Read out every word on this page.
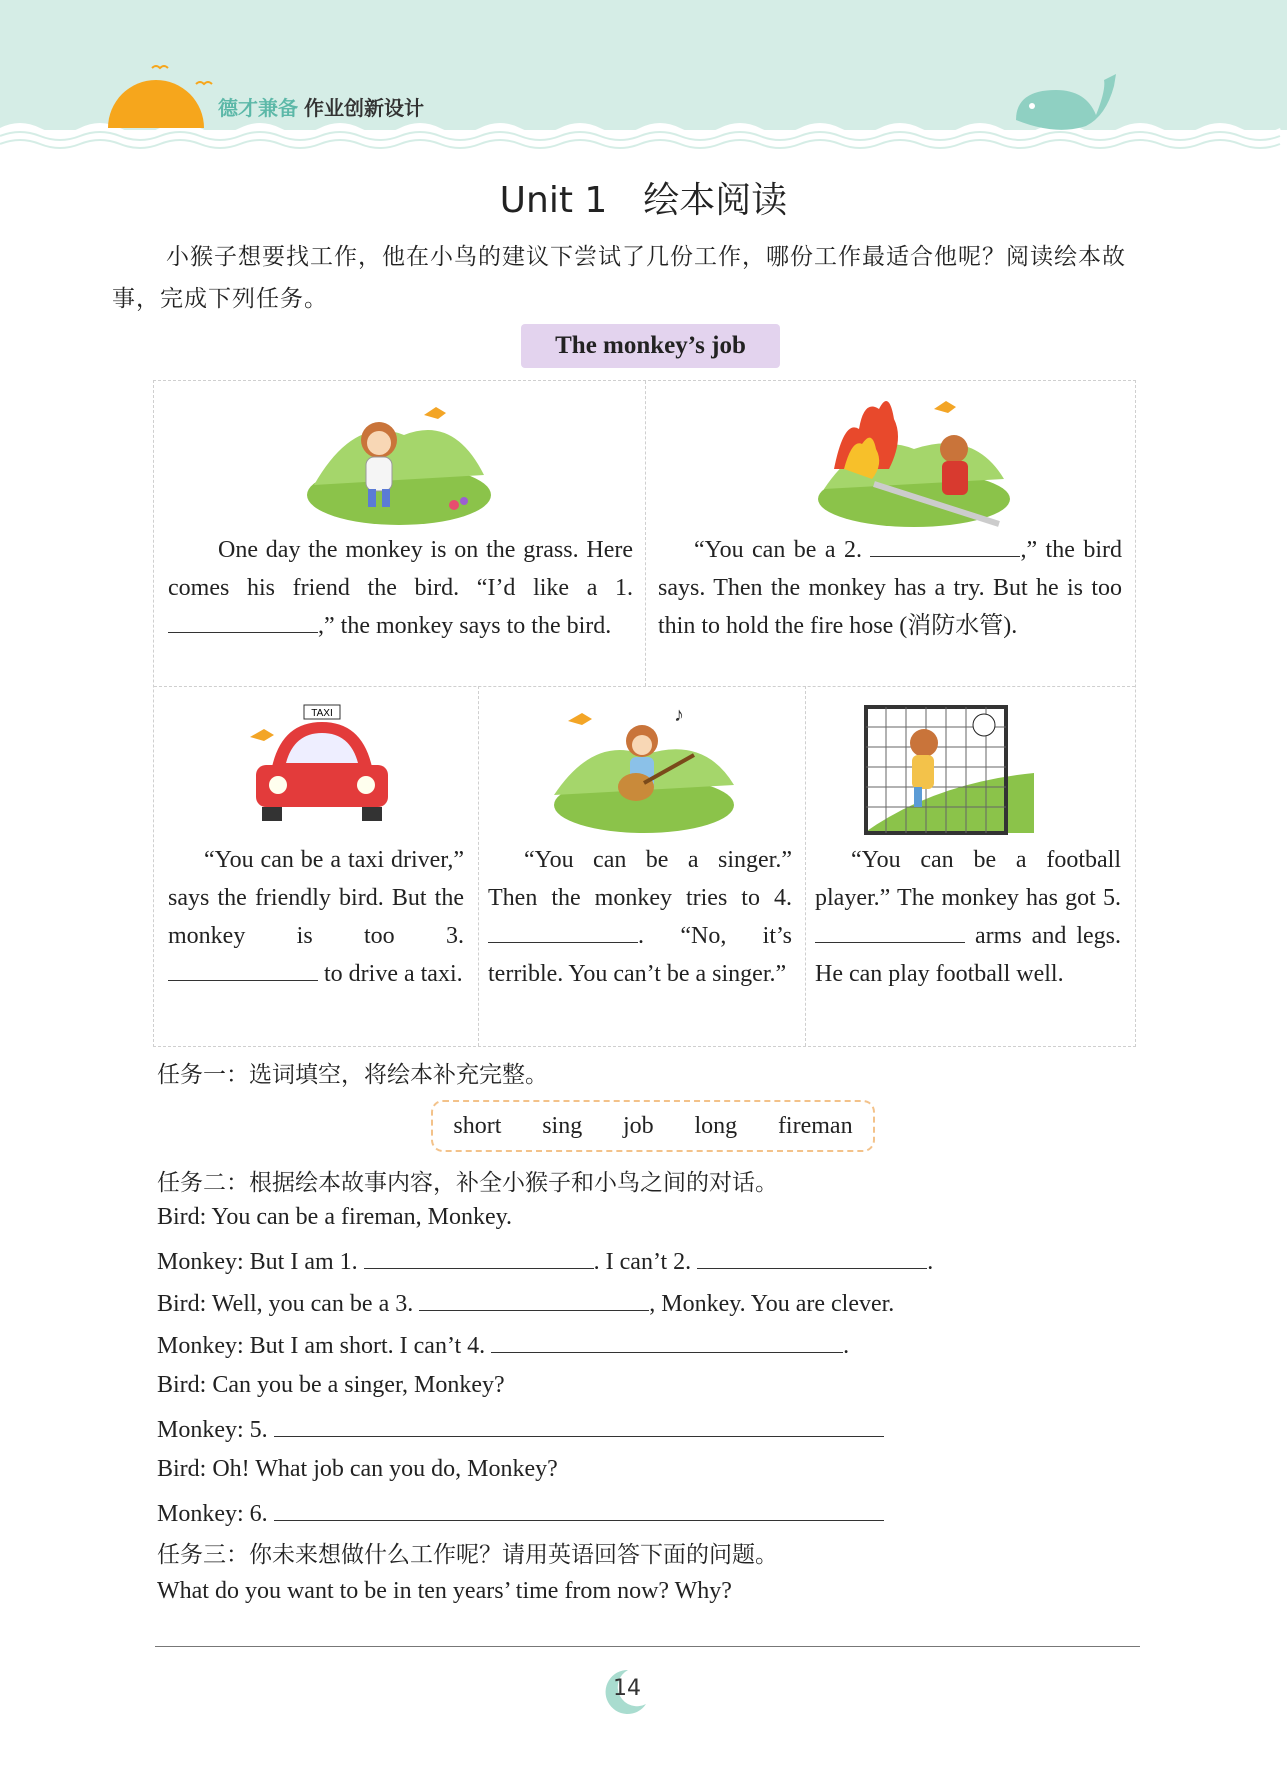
德才兼备 作业创新设计
Unit 1 绘本阅读
小猴子想要找工作，他在小鸟的建议下尝试了几份工作，哪份工作最适合他呢？阅读绘本故事，完成下列任务。
The monkey’s job
One day the monkey is on the grass. Here comes his friend the bird. “I’d like a 1. ,” the monkey says to the bird.
“You can be a 2.	,” the bird says. Then the monkey has a try. But he is too thin to hold the fire hose (消防水管).
TAXI	♪
“You can be a taxi driver,” says the friendly bird. But the monkey is too 3.  to drive a taxi.
“You can be a singer.” Then the monkey tries to 4. . “No, it’s terrible. You can’t be a singer.”
“You can be a football player.” The monkey has got 5.  arms and legs. He can play football well.
任务一：选词填空，将绘本补充完整。
short sing job long fireman
任务二：根据绘本故事内容，补全小猴子和小鸟之间的对话。
Bird: You can be a fireman, Monkey.
Monkey: But I am 1.	. I can’t 2.	.
Bird: Well, you can be a 3.	, Monkey. You are clever.
Monkey: But I am short. I can’t 4.	.
Bird: Can you be a singer, Monkey?
Monkey: 5.
Bird: Oh! What job can you do, Monkey?
Monkey: 6.
任务三：你未来想做什么工作呢？请用英语回答下面的问题。
What do you want to be in ten years’ time from now? Why?
14
